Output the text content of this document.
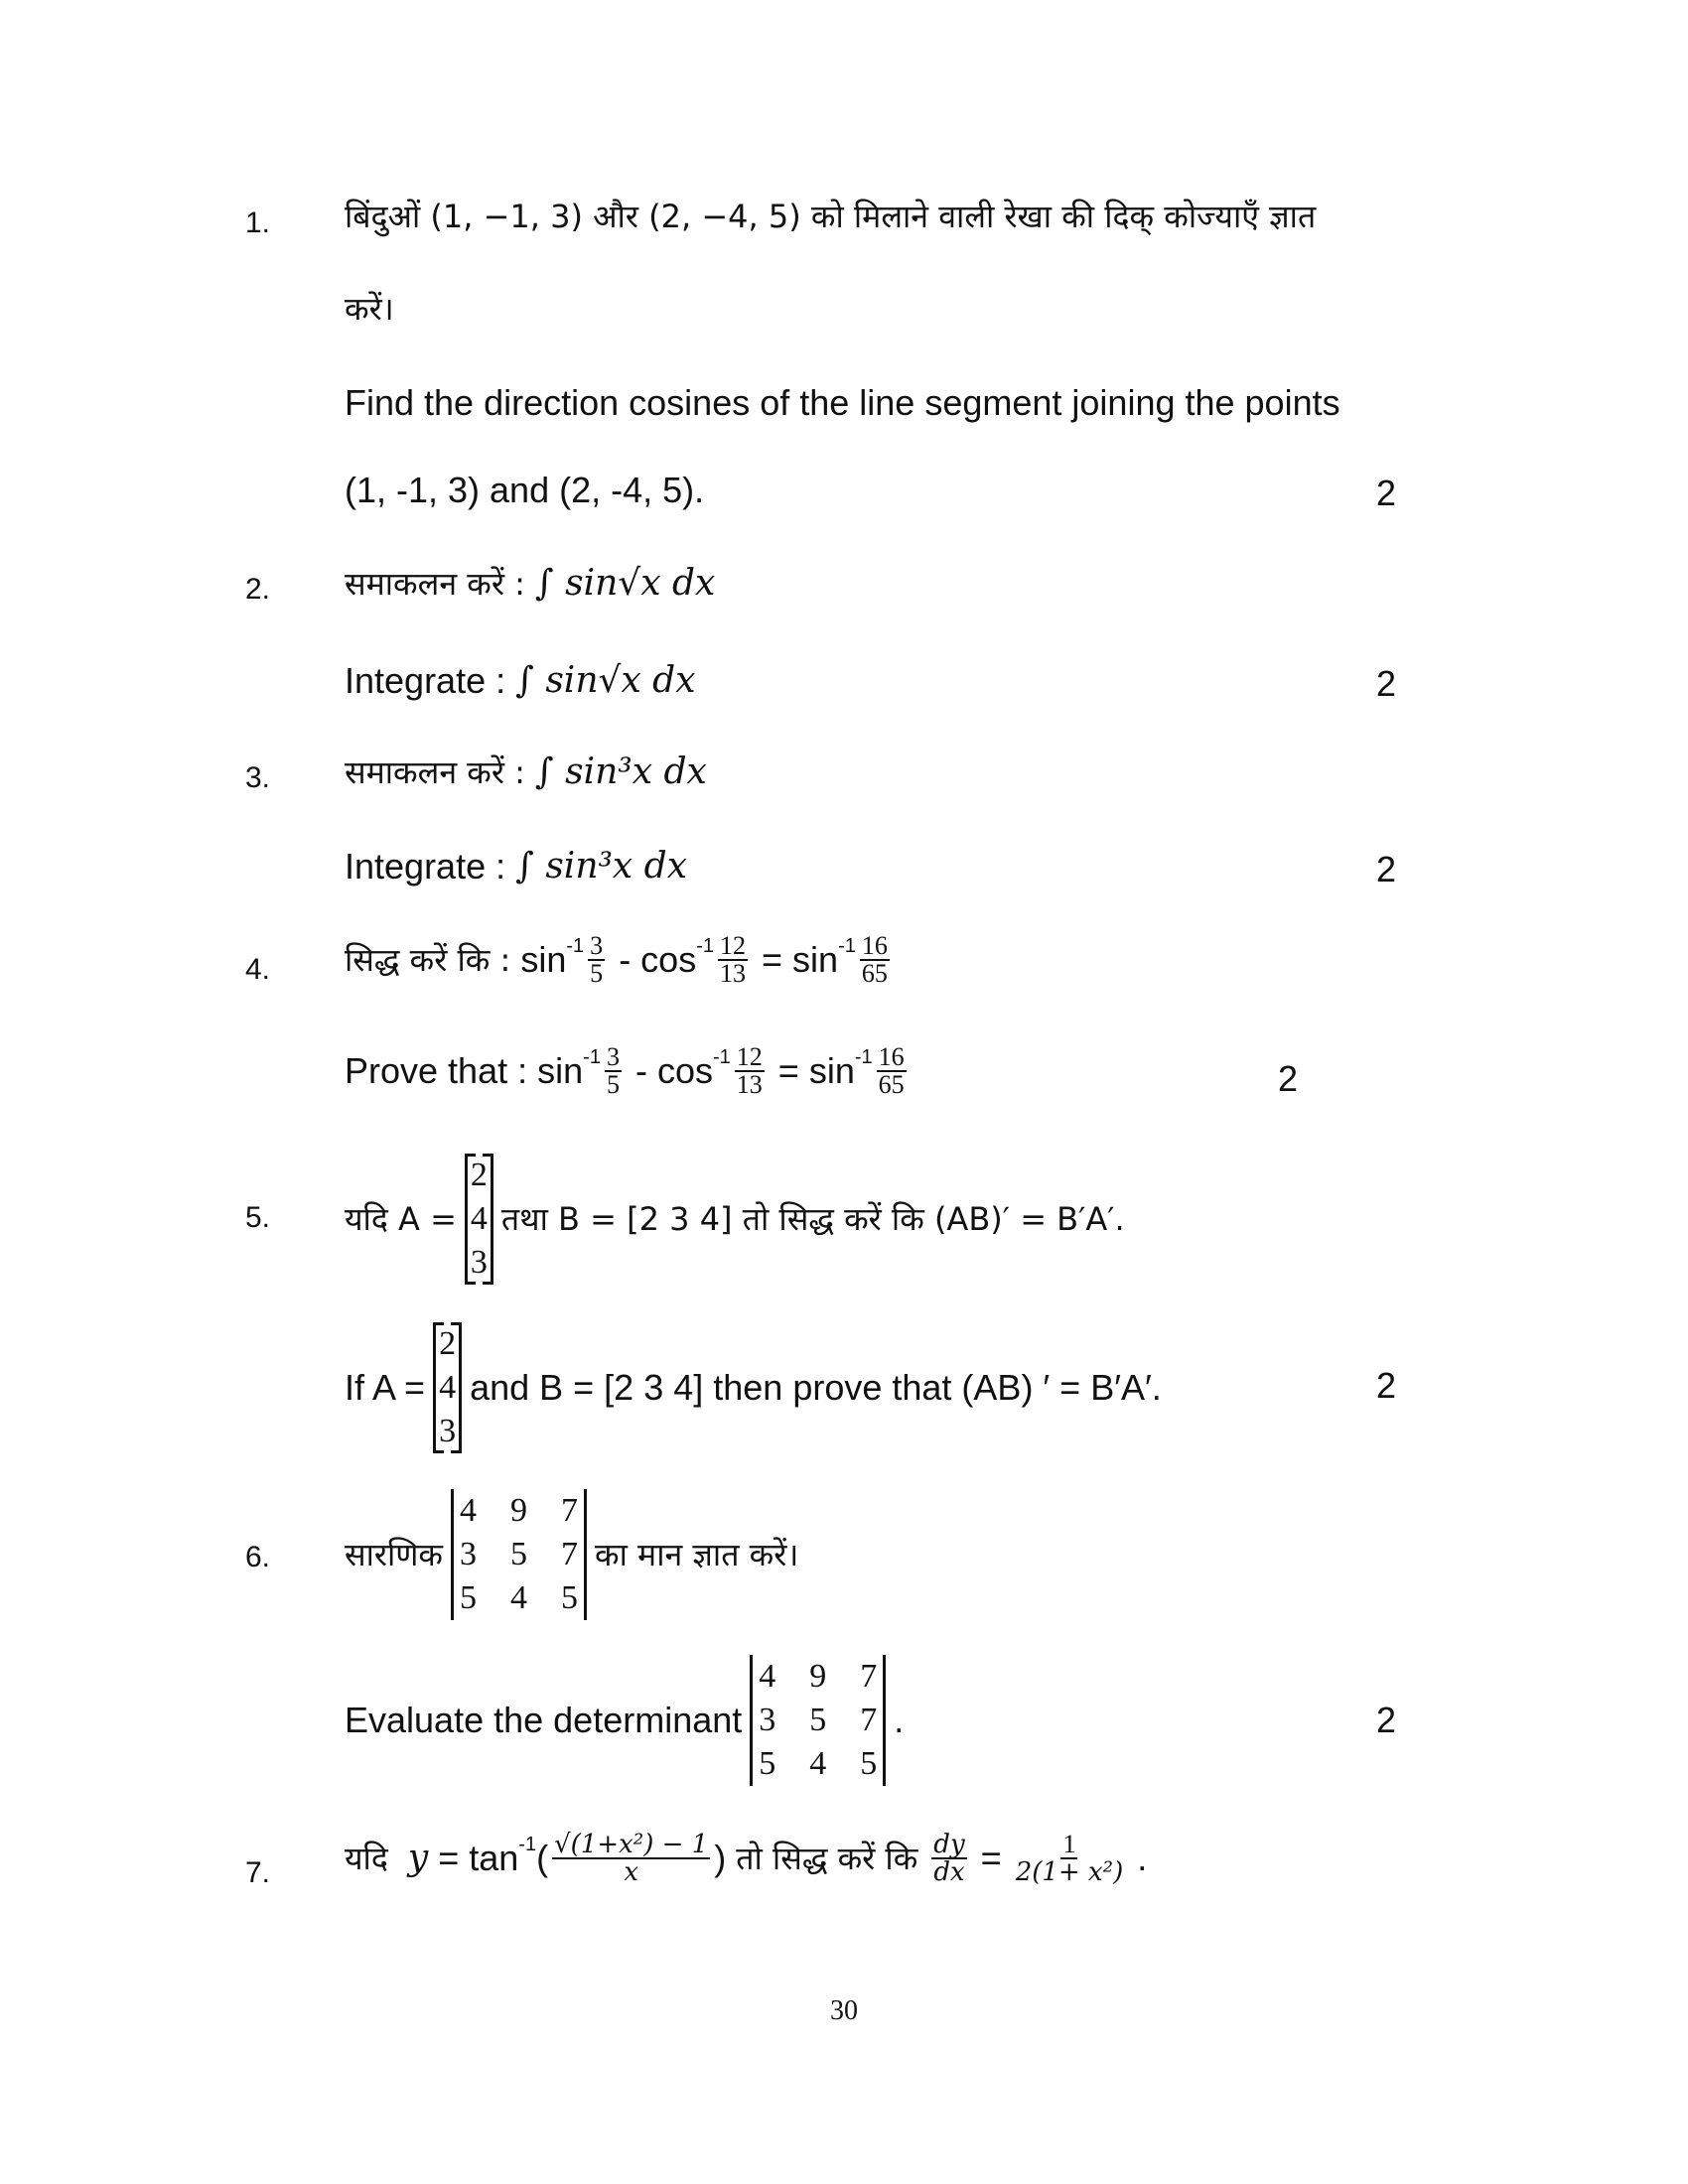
1. बिंदुओं (1, −1, 3) और (2, −4, 5) को मिलाने वाली रेखा की दिक् कोज्याएँ ज्ञात
करें।
Find the direction cosines of the line segment joining the points
(1, -1, 3) and (2, -4, 5).	2
2. समाकलन करें :
∫ sin√x dx
Integrate :
∫ sin√x dx	2
3. समाकलन करें :
∫ sin³x dx
Integrate :
∫ sin³x dx	2
4. सिद्ध करें कि :
$\sin -1 \frac{3}{5}$
- $\cos -1 \frac{12}{13}$
= $\sin -1 \frac{16}{65}$
Prove that :
$\sin -1 \frac{3}{5}$
- $\cos -1 \frac{12}{13}$
= $\sin -1 \frac{16}{65}$	2
5. यदि A =
2
4
3
तथा B = [2 3 4] तो सिद्ध करें कि (AB)′ = B′A′.
If A =
2
4
3
and B = [2 3 4] then prove that (AB) ′ = B′A′.	2
6. सारणिक
4 9 7
3 5 7
5 4 5
का मान ज्ञात करें।
Evaluate the determinant
4 9 7
3 5 7
5 4 5
.	2
7. यदि
y
= tan -1 ( $\frac{\text{√(1+x²) − 1}}{x}$ ) तो सिद्ध करें कि
$\frac{dy}{dx}$
=
$\frac{1}{\text{2(1+ x²)}}$ .
30
